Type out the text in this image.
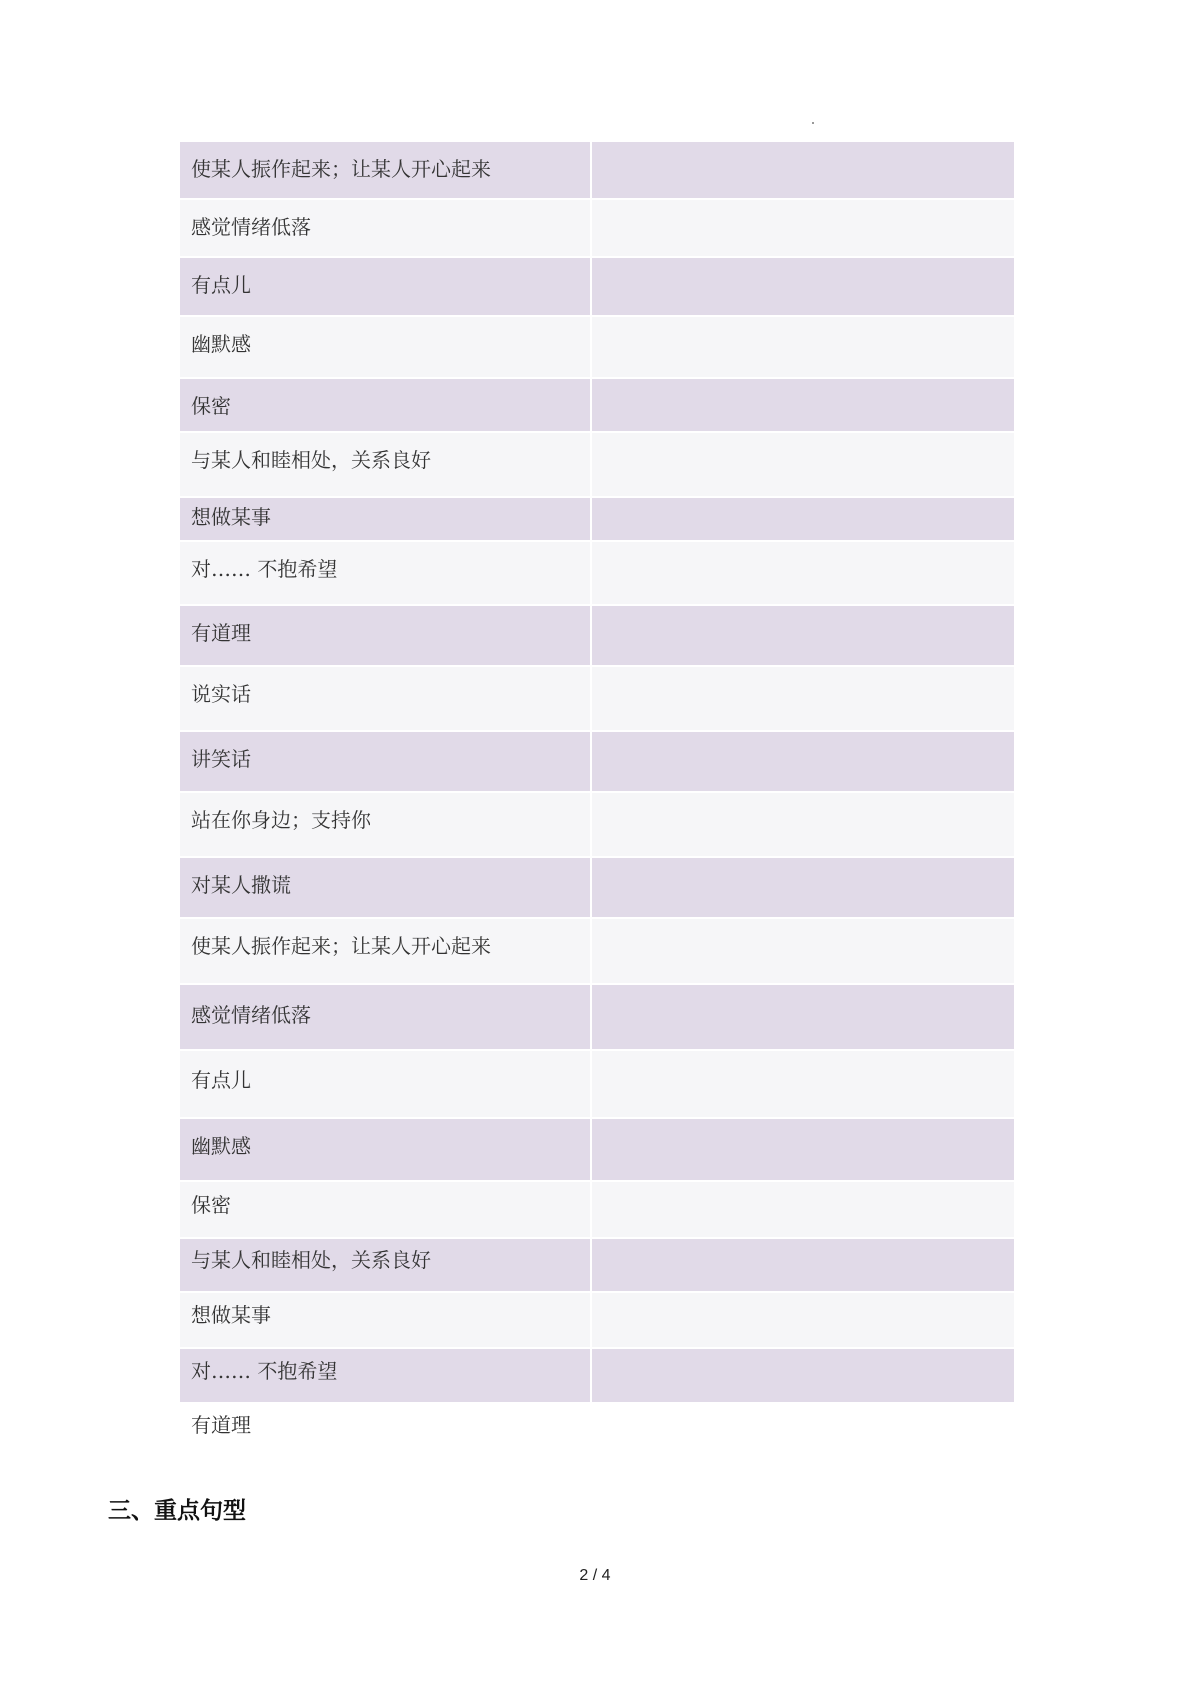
使某人振作起来；让某人开心起来
感觉情绪低落
有点儿
幽默感
保密
与某人和睦相处，关系良好
想做某事
对…… 不抱希望
有道理
说实话
讲笑话
站在你身边；支持你
对某人撒谎
使某人振作起来；让某人开心起来
感觉情绪低落
有点儿
幽默感
保密
与某人和睦相处，关系良好
想做某事
对…… 不抱希望
有道理
三、重点句型
2 / 4
